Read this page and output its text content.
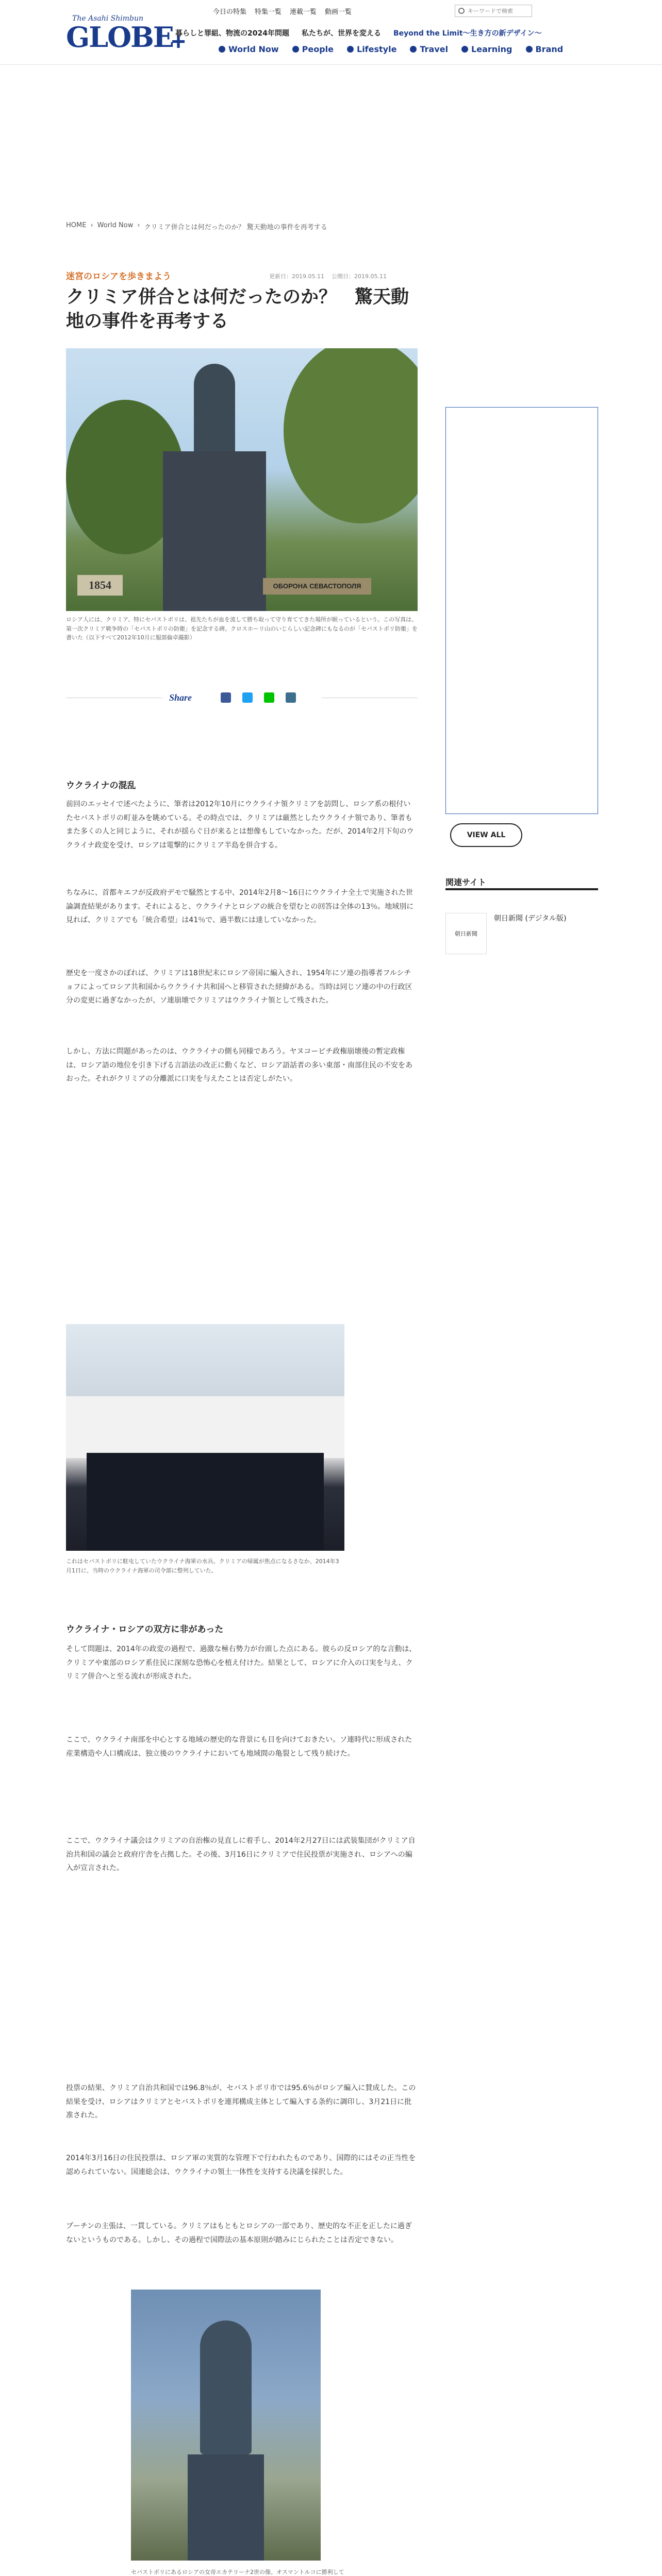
The Asahi Shimbun
GLOBE
+
今日の特集 特集一覧 連載一覧 動画一覧
キーワードで検索
暮らしと罪組、物流の2024年問題 私たちが、世界を変える Beyond the Limit〜生き方の新デザイン〜
World Now	People	Lifestyle	Travel	Learning	Brand
HOME › World Now › クリミア併合とは何だったのか？ 驚天動地の事件を再考する
迷宮のロシアを歩きまよう	更新日：2019.05.11 公開日：2019.05.11
クリミア併合とは何だったのか？　驚天動地の事件を再考する
1854	ОБОРОНА СЕВАСТОПОЛЯ

ロシア人には、クリミア、特にセバストポリは、祖先たちが血を流して勝ち取って守り育ててきた場所が眠っているという。この写真は、第一次クリミア戦争時の「セバストポリの防衛」を記念する碑。クロスホーリ山のいじらしい記念碑にもなるのが「セバストポリ防衛」を書いた（以下すべて2012年10月に服部倫卓撮影）

Share
ウクライナの混乱

前回のエッセイで述べたように、筆者は2012年10月にウクライナ領クリミアを訪問し、ロシア系の根付いたセバストポリの町並みを眺めている。その時点では、クリミアは厳然としたウクライナ領であり、筆者もまた多くの人と同じように、それが揺らぐ日が来るとは想像もしていなかった。だが、2014年2月下旬のウクライナ政変を受け、ロシアは電撃的にクリミア半島を併合する。

ちなみに、首都キエフが反政府デモで騒然とする中、2014年2月8〜16日にウクライナ全土で実施された世論調査結果があります。それによると、ウクライナとロシアの統合を望むとの回答は全体の13％。地域別に見れば、クリミアでも「統合希望」は41％で、過半数には達していなかった。

歴史を一度さかのぼれば、クリミアは18世紀末にロシア帝国に編入され、1954年にソ連の指導者フルシチョフによってロシア共和国からウクライナ共和国へと移管された経緯がある。当時は同じソ連の中の行政区分の変更に過ぎなかったが、ソ連崩壊でクリミアはウクライナ領として残された。

しかし、方法に問題があったのは、ウクライナの側も同様であろう。ヤヌコービチ政権崩壊後の暫定政権は、ロシア語の地位を引き下げる言語法の改正に動くなど、ロシア語話者の多い東部・南部住民の不安をあおった。それがクリミアの分離派に口実を与えたことは否定しがたい。

これはセバストポリに駐屯していたウクライナ海軍の水兵。クリミアの帰属が焦点になるさなか、2014年3月1日に、当時のウクライナ海軍の司令部に整列していた。

ウクライナ・ロシアの双方に非があった

そして問題は、2014年の政変の過程で、過激な極右勢力が台頭した点にある。彼らの反ロシア的な言動は、クリミアや東部のロシア系住民に深刻な恐怖心を植え付けた。結果として、ロシアに介入の口実を与え、クリミア併合へと至る流れが形成された。

ここで、ウクライナ南部を中心とする地域の歴史的な背景にも目を向けておきたい。ソ連時代に形成された産業構造や人口構成は、独立後のウクライナにおいても地域間の亀裂として残り続けた。

ここで、ウクライナ議会はクリミアの自治権の見直しに着手し、2014年2月27日には武装集団がクリミア自治共和国の議会と政府庁舎を占拠した。その後、3月16日にクリミアで住民投票が実施され、ロシアへの編入が宣言された。

投票の結果、クリミア自治共和国では96.8％が、セバストポリ市では95.6％がロシア編入に賛成した。この結果を受け、ロシアはクリミアとセバストポリを連邦構成主体として編入する条約に調印し、3月21日に批准された。

2014年3月16日の住民投票は、ロシア軍の実質的な管理下で行われたものであり、国際的にはその正当性を認められていない。国連総会は、ウクライナの領土一体性を支持する決議を採択した。

プーチンの主張は、一貫している。クリミアはもともとロシアの一部であり、歴史的な不正を正したに過ぎないというものである。しかし、その過程で国際法の基本原則が踏みにじられたことは否定できない。

セバストポリにあるロシアの女帝エカテリーナ2世の像。オスマントルコに勝利して

VIEW ALL
関連サイト
朝日新聞
朝日新聞 (デジタル版)
